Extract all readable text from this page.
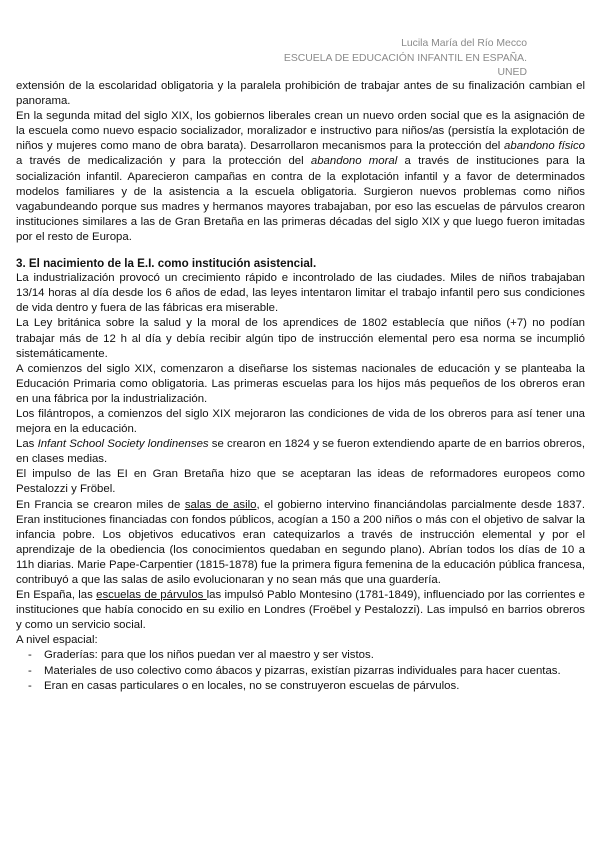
Lucila María del Río Mecco
ESCUELA DE EDUCACIÓN INFANTIL EN ESPAÑA.
UNED

extensión de la escolaridad obligatoria y la paralela prohibición de trabajar antes de su finalización cambian el panorama.

En la segunda mitad del siglo XIX, los gobiernos liberales crean un nuevo orden social que es la asignación de la escuela como nuevo espacio socializador, moralizador e instructivo para niños/as (persistía la explotación de niños y mujeres como mano de obra barata). Desarrollaron mecanismos para la protección del abandono físico a través de medicalización y para la protección del abandono moral a través de instituciones para la socialización infantil. Aparecieron campañas en contra de la explotación infantil y a favor de determinados modelos familiares y de la asistencia a la escuela obligatoria. Surgieron nuevos problemas como niños vagabundeando porque sus madres y hermanos mayores trabajaban, por eso las escuelas de párvulos crearon instituciones similares a las de Gran Bretaña en las primeras décadas del siglo XIX y que luego fueron imitadas por el resto de Europa.

3. El nacimiento de la E.I. como institución asistencial.

La industrialización provocó un crecimiento rápido e incontrolado de las ciudades. Miles de niños trabajaban 13/14 horas al día desde los 6 años de edad, las leyes intentaron limitar el trabajo infantil pero sus condiciones de vida dentro y fuera de las fábricas era miserable.

La Ley británica sobre la salud y la moral de los aprendices de 1802 establecía que niños (+7) no podían trabajar más de 12 h al día y debía recibir algún tipo de instrucción elemental pero esa norma se incumplió sistemáticamente.

A comienzos del siglo XIX, comenzaron a diseñarse los sistemas nacionales de educación y se planteaba la Educación Primaria como obligatoria. Las primeras escuelas para los hijos más pequeños de los obreros eran en una fábrica por la industrialización.

Los filántropos, a comienzos del siglo XIX mejoraron las condiciones de vida de los obreros para así tener una mejora en la educación.

Las Infant School Society londinenses se crearon en 1824 y se fueron extendiendo aparte de en barrios obreros, en clases medias.

El impulso de las EI en Gran Bretaña hizo que se aceptaran las ideas de reformadores europeos como Pestalozzi y Fröbel.

En Francia se crearon miles de salas de asilo, el gobierno intervino financiándolas parcialmente desde 1837. Eran instituciones financiadas con fondos públicos, acogían a 150 a 200 niños o más con el objetivo de salvar la infancia pobre. Los objetivos educativos eran catequizarlos a través de instrucción elemental y por el aprendizaje de la obediencia (los conocimientos quedaban en segundo plano). Abrían todos los días de 10 a 11h diarias. Marie Pape-Carpentier (1815-1878) fue la primera figura femenina de la educación pública francesa, contribuyó a que las salas de asilo evolucionaran y no sean más que una guardería.

En España, las escuelas de párvulos las impulsó Pablo Montesino (1781-1849), influenciado por las corrientes e instituciones que había conocido en su exilio en Londres (Froëbel y Pestalozzi). Las impulsó en barrios obreros y como un servicio social.

A nivel espacial:

- Graderías: para que los niños puedan ver al maestro y ser vistos.
- Materiales de uso colectivo como ábacos y pizarras, existían pizarras individuales para hacer cuentas.
- Eran en casas particulares o en locales, no se construyeron escuelas de párvulos.
